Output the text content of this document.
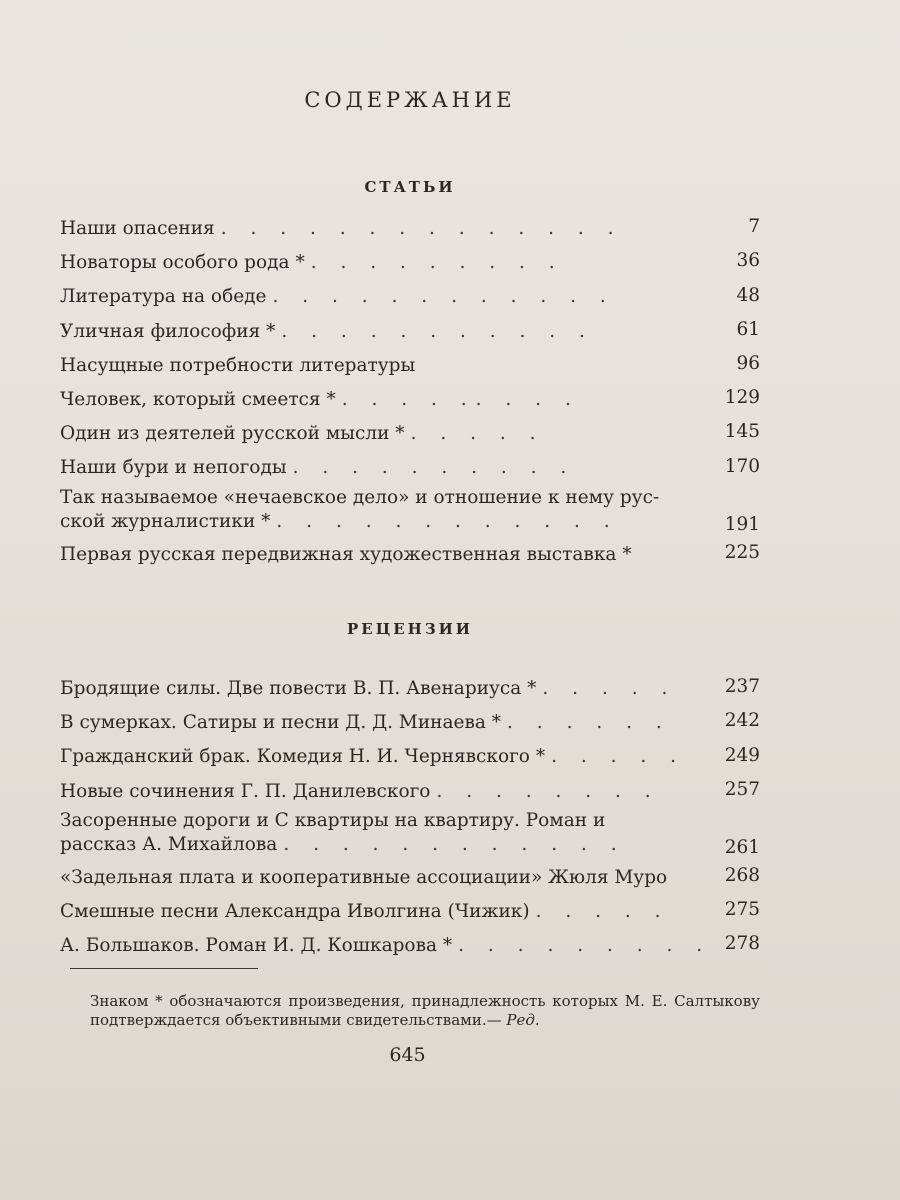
СОДЕРЖАНИЕ
СТАТЬИ
Наши опасения . . . . . . . . . . . . . .	7
Новаторы особого рода * . . . . . . . . .	36
Литература на обеде . . . . . . . . . . . .	48
Уличная философия * . . . . . . . . . . .	61
Насущные потребности литературы	96
Человек, который смеется * . . . . .. . . .	129
Один из деятелей русской мысли * . . . . .	145
Наши бури и непогоды . . . . . . . . . .	170
Так называемое «нечаевское дело» и отношение к нему рус-
ской журналистики * . . . . . . . . . . . .	191
Первая русская передвижная художественная выставка *	225
РЕЦЕНЗИИ
Бродящие силы. Две повести В. П. Авенариуса * . . . . .	237
В сумерках. Сатиры и песни Д. Д. Минаева * . . . . . .	242
Гражданский брак. Комедия Н. И. Чернявского * . . . . . 249
Новые сочинения Г. П. Данилевского . . . . . . . .	257
Засоренные дороги и С квартиры на квартиру. Роман и
рассказ А. Михайлова . . . . . . . . . . . .	261
«Задельная плата и кооперативные ассоциации» Жюля Муро	268
Смешные песни Александра Иволгина (Чижик) . . . . .	275
А. Большаков. Роман И. Д. Кошкарова * . . . . . . . . . 278
Знаком * обозначаются произведения, принадлежность которых М. Е. Салтыкову подтверждается объективными свидетельствами.— Ред.
645
